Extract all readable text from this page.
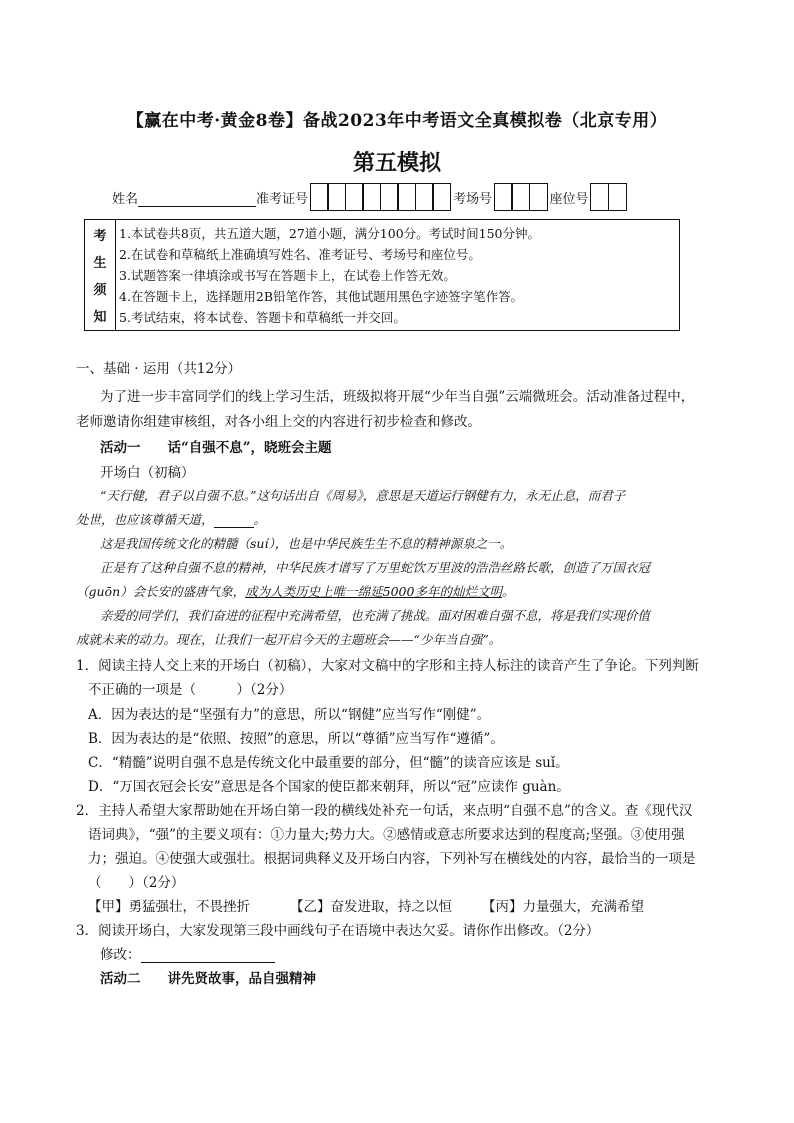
【赢在中考·黄金8卷】备战2023年中考语文全真模拟卷（北京专用）
第五模拟
姓名	准考证号	考场号	座位号
考
生
须
知
1.本试卷共8页，共五道大题，27道小题，满分100分。考试时间150分钟。
2.在试卷和草稿纸上准确填写姓名、准考证号、考场号和座位号。
3.试题答案一律填涂或书写在答题卡上，在试卷上作答无效。
4.在答题卡上，选择题用2B铅笔作答，其他试题用黑色字迹签字笔作答。
5.考试结束，将本试卷、答题卡和草稿纸一并交回。
一、基础 · 运用（共12分）
为了进一步丰富同学们的线上学习生活，班级拟将开展“少年当自强”云端微班会。活动准备过程中，
老师邀请你组建审核组，对各小组上交的内容进行初步检查和修改。
活动一　　话“自强不息”，晓班会主题
开场白（初稿）
“天行健，君子以自强不息。”这句话出自《周易》，意思是天道运行钢健有力，永无止息，而君子
处世，也应该尊循天道，	。
这是我国传统文化的精髓（suí），也是中华民族生生不息的精神源泉之一。
正是有了这种自强不息的精神，中华民族才谱写了万里蛇饮万里波的浩浩丝路长歌，创造了万国衣冠
（guōn）会长安的盛唐气象，成为人类历史上唯一绵延5000多年的灿烂文明。
亲爱的同学们，我们奋进的征程中充满希望，也充满了挑战。面对困难自强不息，将是我们实现价值
成就未来的动力。现在，让我们一起开启今天的主题班会——“少年当自强”。
1．阅读主持人交上来的开场白（初稿），大家对文稿中的字形和主持人标注的读音产生了争论。下列判断
不正确的一项是（　　　）（2分）
A．因为表达的是“坚强有力”的意思，所以“钢健”应当写作“刚健”。
B．因为表达的是“依照、按照”的意思，所以“尊循”应当写作“遵循”。
C．“精髓”说明自强不息是传统文化中最重要的部分，但“髓”的读音应该是 suǐ。
D．“万国衣冠会长安”意思是各个国家的使臣都来朝拜，所以“冠”应读作 guàn。
2．主持人希望大家帮助她在开场白第一段的横线处补充一句话，来点明“自强不息”的含义。查《现代汉
语词典》，“强”的主要义项有：①力量大;势力大。②感情或意志所要求达到的程度高;坚强。③使用强
力；强迫。④使强大或强壮。根据词典释义及开场白内容，下列补写在横线处的内容，最恰当的一项是
（　　）（2分）
【甲】勇猛强壮，不畏挫折	【乙】奋发进取，持之以恒 【丙】力量强大，充满希望
3．阅读开场白，大家发现第三段中画线句子在语境中表达欠妥。请你作出修改。（2分）
修改：
活动二　　讲先贤故事，品自强精神
